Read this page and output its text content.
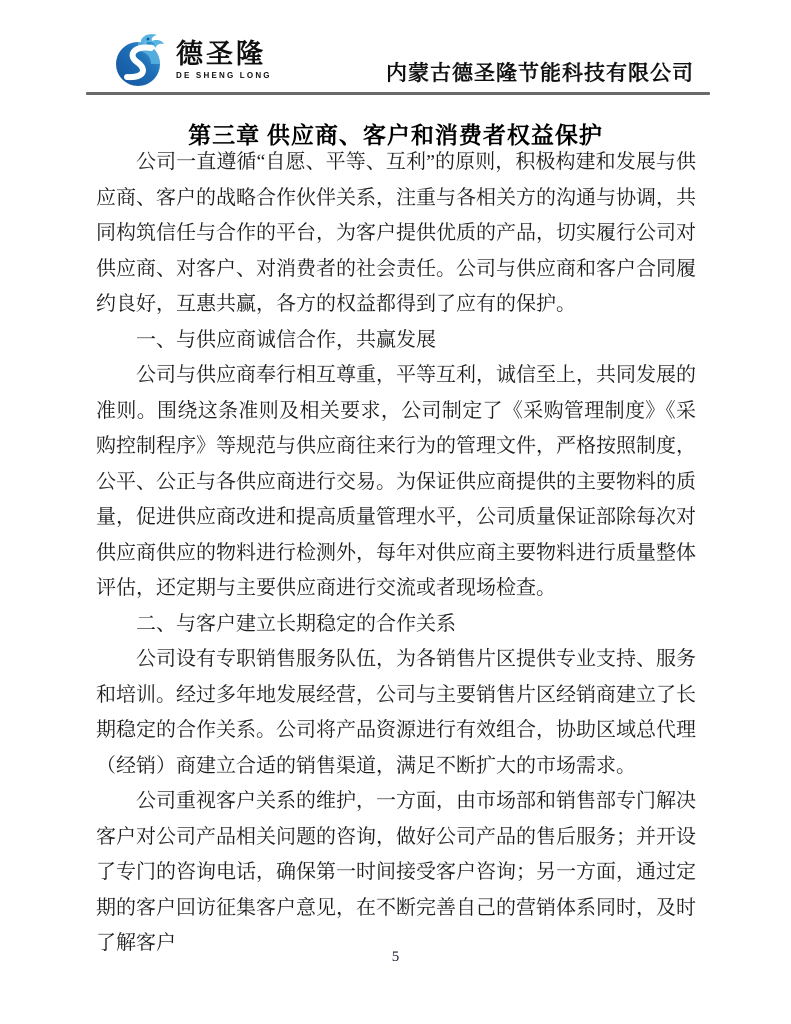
德圣隆
DE SHENG LONG	内蒙古德圣隆节能科技有限公司
第三章 供应商、客户和消费者权益保护

公司一直遵循“自愿、平等、互利”的原则，积极构建和发展与供应商、客户的战略合作伙伴关系，注重与各相关方的沟通与协调，共同构筑信任与合作的平台，为客户提供优质的产品，切实履行公司对供应商、对客户、对消费者的社会责任。公司与供应商和客户合同履约良好，互惠共赢，各方的权益都得到了应有的保护。

一、与供应商诚信合作，共赢发展

公司与供应商奉行相互尊重，平等互利，诚信至上，共同发展的准则。围绕这条准则及相关要求，公司制定了《采购管理制度》《采购控制程序》等规范与供应商往来行为的管理文件，严格按照制度，公平、公正与各供应商进行交易。为保证供应商提供的主要物料的质量，促进供应商改进和提高质量管理水平，公司质量保证部除每次对供应商供应的物料进行检测外，每年对供应商主要物料进行质量整体评估，还定期与主要供应商进行交流或者现场检查。

二、与客户建立长期稳定的合作关系

公司设有专职销售服务队伍，为各销售片区提供专业支持、服务和培训。经过多年地发展经营，公司与主要销售片区经销商建立了长期稳定的合作关系。公司将产品资源进行有效组合，协助区域总代理（经销）商建立合适的销售渠道，满足不断扩大的市场需求。

公司重视客户关系的维护，一方面，由市场部和销售部专门解决客户对公司产品相关问题的咨询，做好公司产品的售后服务；并开设了专门的咨询电话，确保第一时间接受客户咨询；另一方面，通过定期的客户回访征集客户意见，在不断完善自己的营销体系同时，及时了解客户

5
